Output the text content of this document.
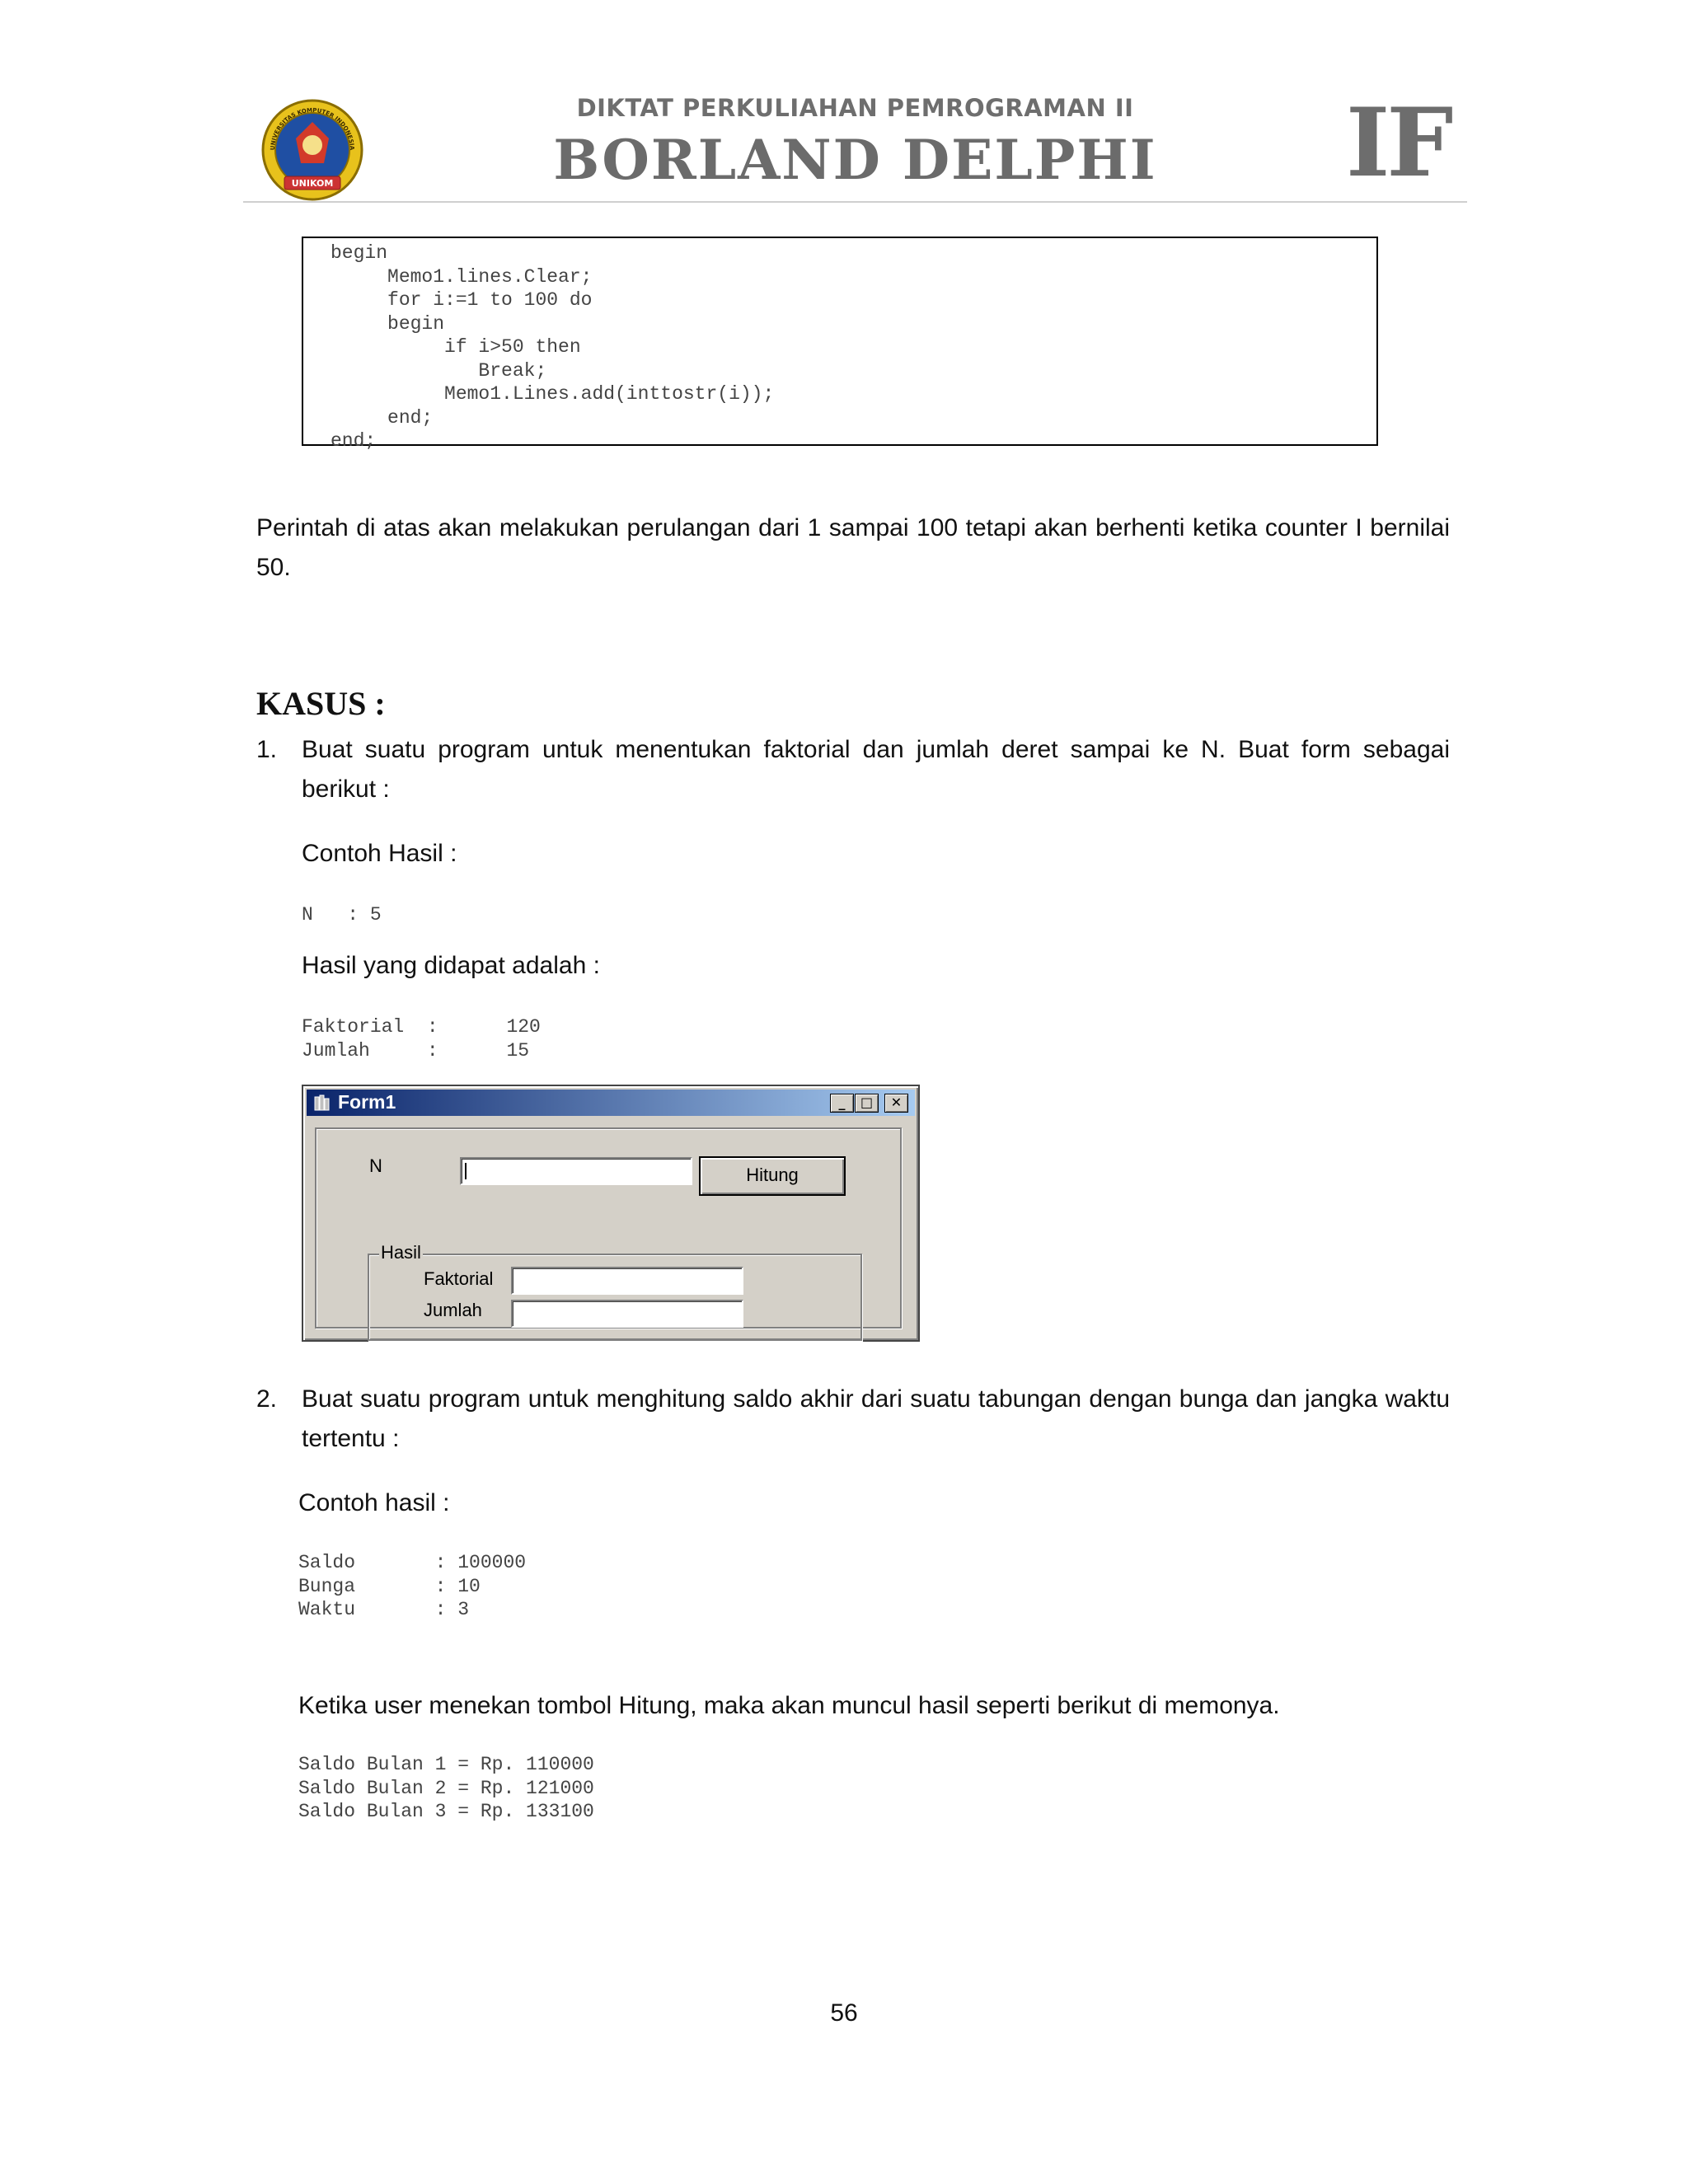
UNIKOM
UNIVERSITAS KOMPUTER INDONESIA
DIKTAT PERKULIAHAN PEMROGRAMAN II
BORLAND DELPHI	IF
begin
Memo1.lines.Clear;
for i:=1 to 100 do
begin
if i>50 then
Break;
Memo1.Lines.add(inttostr(i));
end;
end;
Perintah di atas akan melakukan perulangan dari 1 sampai 100 tetapi akan berhenti ketika counter I bernilai 50.
KASUS :
1. Buat suatu program untuk menentukan faktorial dan jumlah deret sampai ke N. Buat form sebagai berikut :
Contoh Hasil :
N   : 5
Hasil yang didapat adalah :
Faktorial  :      120
Jumlah     :      15
Form1	_	□	✕
N	Hitung
Hasil
Faktorial
Jumlah
2. Buat suatu program untuk menghitung saldo akhir dari suatu tabungan dengan bunga dan jangka waktu tertentu :
Contoh hasil :
Saldo       : 100000
Bunga       : 10
Waktu       : 3
Ketika user menekan tombol Hitung, maka akan muncul hasil seperti berikut di memonya.
Saldo Bulan 1 = Rp. 110000
Saldo Bulan 2 = Rp. 121000
Saldo Bulan 3 = Rp. 133100
56
